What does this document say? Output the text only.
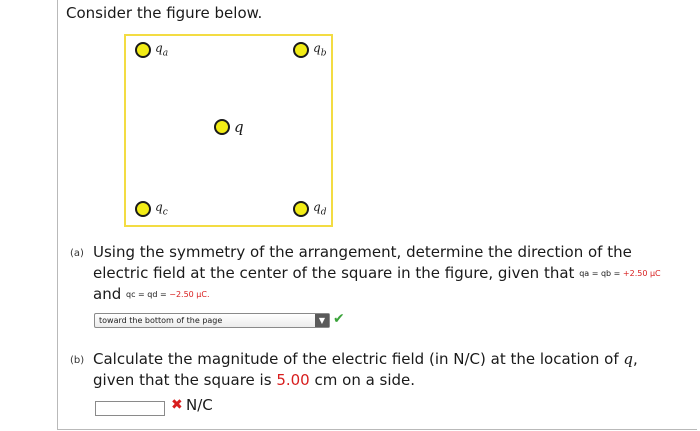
Consider the figure below.
$q_a$	$q_b$
q
$q_c$	$q_d$
(a) Using the symmetry of the arrangement, determine the direction of the
electric field at the center of the square in the figure, given that qa = qb = +2.50 μC
and qc = qd = −2.50 μC.
toward the bottom of the page	▼ ✔
(b) Calculate the magnitude of the electric field (in N/C) at the location of q,
given that the square is 5.00 cm on a side.
✖ N/C
